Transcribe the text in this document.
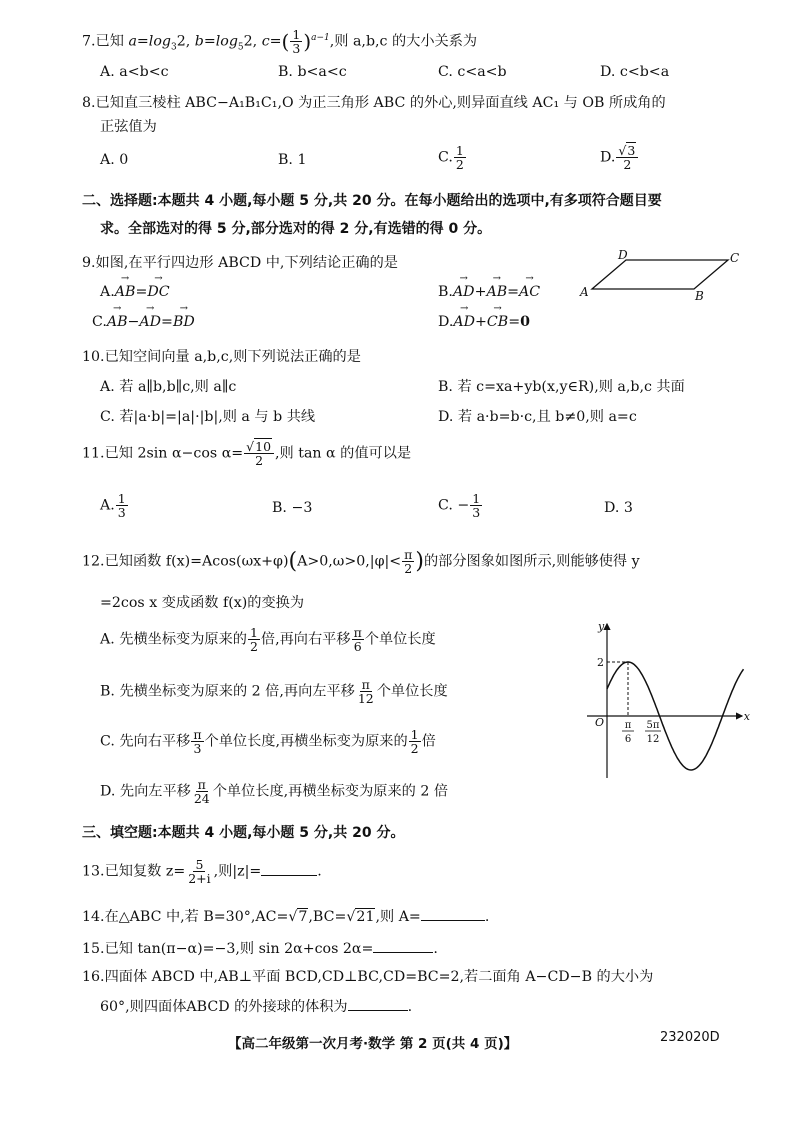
7.已知 $a=\log_32$, $b=\log_52$, $c=( \frac{1}{3} )^{a-1}$,则 a,b,c 的大小关系为
A. a<b<c	B. b<a<c	C. c<a<b	D. c<b<a
8.已知直三棱柱 ABC−A₁B₁C₁,O 为正三角形 ABC 的外心,则异面直线 AC₁ 与 OB 所成角的
正弦值为
A. 0	B. 1	C. $\frac{1}{2}$	D. $\frac{√3}{2}$
二、选择题:本题共 4 小题,每小题 5 分,共 20 分。在每小题给出的选项中,有多项符合题目要
求。全部选对的得 5 分,部分选对的得 2 分,有选错的得 0 分。
9.如图,在平行四边形 ABCD 中,下列结论正确的是
A.→ AB=→ DC	B.→ AD+→ AB=→ AC
C.→ AB−→ AD=→ BD	D.→ AD+→ CB=0
A	B
C
D
10.已知空间向量 a,b,c,则下列说法正确的是
A. 若 a∥b,b∥c,则 a∥c	B. 若 c=xa+yb(x,y∈R),则 a,b,c 共面
C. 若|a·b|=|a|·|b|,则 a 与 b 共线	D. 若 a·b=b·c,且 b≠0,则 a=c
11.已知 2sin α−cos $\alpha= \frac{√10}{2}$ ,则 tan α 的值可以是
A. $\frac{1}{3}$	B. −3	C. − $\frac{1}{3}$	D. 3
12.已知函数 $f(x)=Acos(\omega x+\varphi)(A>0,\omega>0,|\varphi|< \frac{\pi}{2}$ )的部分图象如图所示,则能够使得 y
=2cos x 变成函数 f(x)的变换为
A. 先横坐标变为原来的 $\frac{1}{2}$ 倍,再向右平移 $\frac{\pi}{6}$ 个单位长度
B. 先横坐标变为原来的 2 倍,再向左平移 $\frac{\pi}{12}$ 个单位长度
C. 先向右平移 $\frac{\pi}{3}$ 个单位长度,再横坐标变为原来的 $\frac{1}{2}$ 倍
D. 先向左平移 $\frac{\pi}{24}$ 个单位长度,再横坐标变为原来的 2 倍
x
y
O
2
π
6
5π
12
三、填空题:本题共 4 小题,每小题 5 分,共 20 分。
13.已知复数 $z= \frac{5}{2+i}$ ,则|z|=	.
14.在△ABC 中,若 B=30°,AC=√7,BC=√21,则 A=	.
15.已知 tan(π−α)=−3,则 sin 2α+cos 2α=	.
16.四面体 ABCD 中,AB⊥平面 BCD,CD⊥BC,CD=BC=2,若二面角 A−CD−B 的大小为
60°,则四面体ABCD 的外接球的体积为	.
【高二年级第一次月考·数学 第 2 页(共 4 页)】	232020D
